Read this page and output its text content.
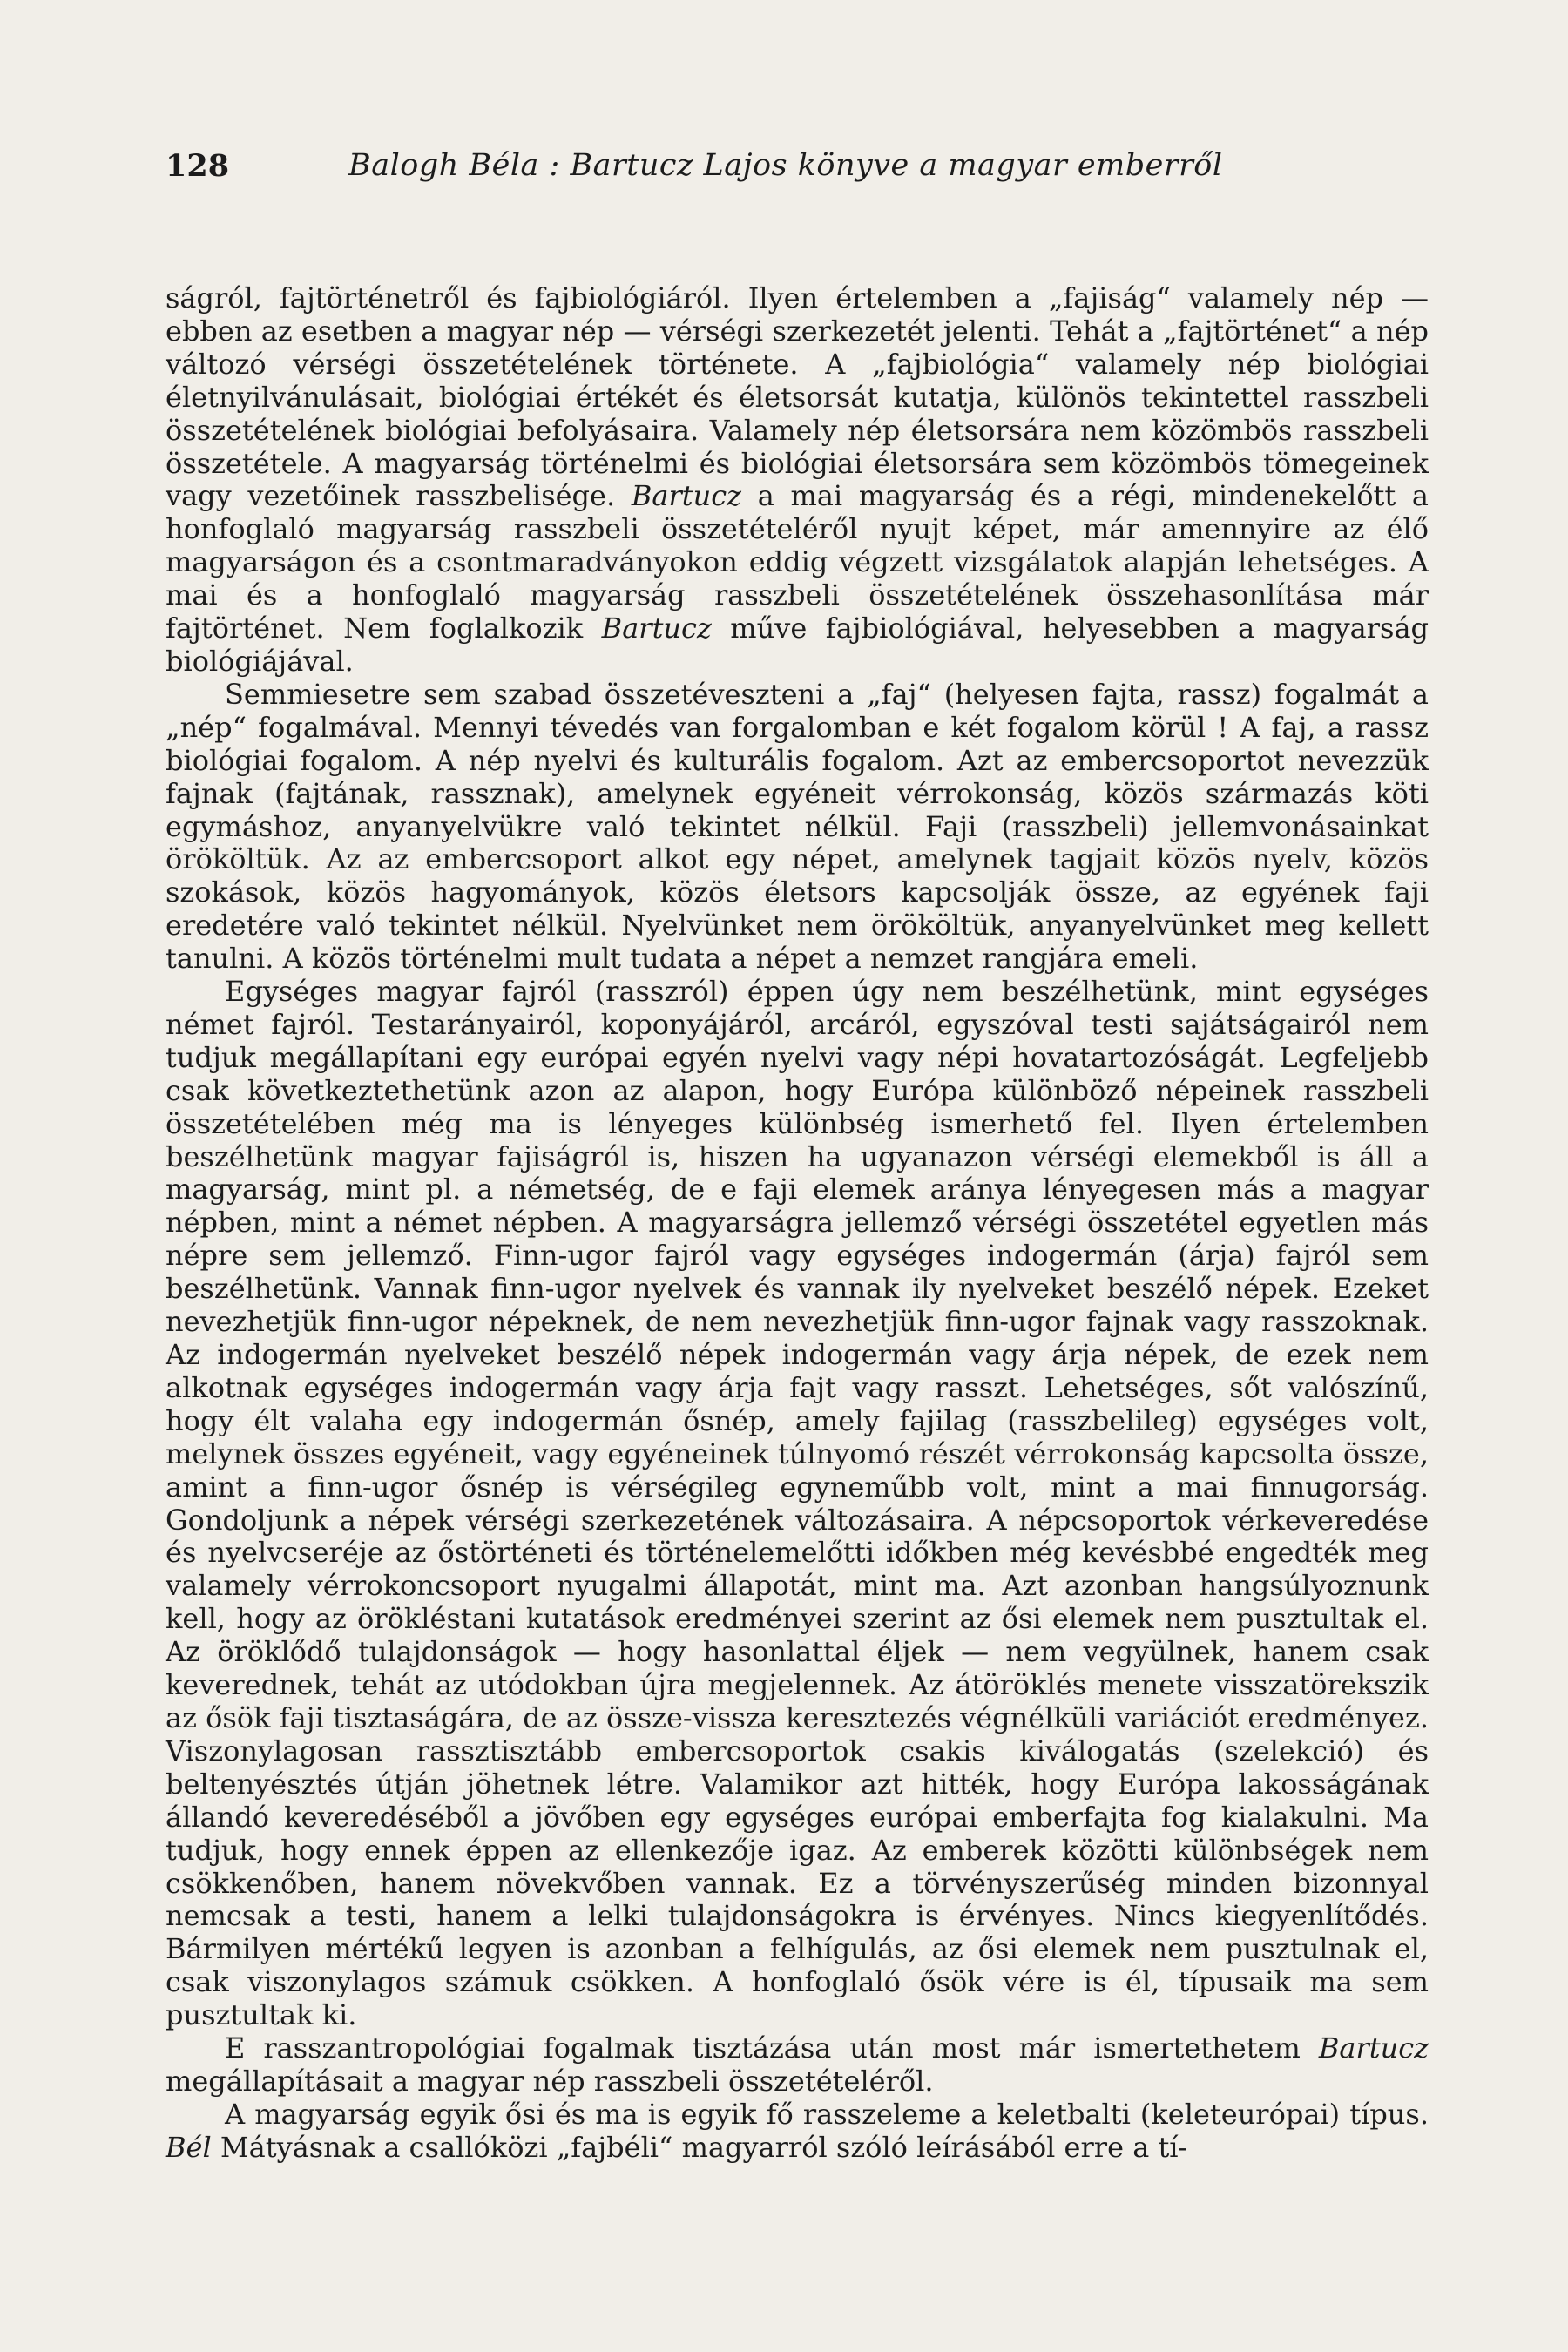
128	Balogh Béla : Bartucz Lajos könyve a magyar emberről

ságról, fajtörténetről és fajbiológiáról. Ilyen értelemben a „fajiság“ valamely nép — ebben az esetben a magyar nép — vérségi szerkezetét jelenti. Tehát a „fajtörténet“ a nép változó vérségi összetételének története. A „fajbiológia“ valamely nép biológiai életnyilvánulásait, biológiai értékét és életsorsát kutatja, különös tekintettel rasszbeli összetételének biológiai befolyásaira. Valamely nép életsorsára nem közömbös rasszbeli összetétele. A magyarság történelmi és biológiai életsorsára sem közömbös tömegeinek vagy vezetőinek rasszbelisége. Bartucz a mai magyarság és a régi, mindenekelőtt a honfoglaló magyarság rasszbeli összetételéről nyujt képet, már amennyire az élő magyarságon és a csontmaradványokon eddig végzett vizsgálatok alapján lehetséges. A mai és a honfoglaló magyarság rasszbeli összetételének összehasonlítása már fajtörténet. Nem foglalkozik Bartucz műve fajbiológiával, helyesebben a magyarság biológiájával.

Semmiesetre sem szabad összetéveszteni a „faj“ (helyesen fajta, rassz) fogalmát a „nép“ fogalmával. Mennyi tévedés van forgalomban e két fogalom körül ! A faj, a rassz biológiai fogalom. A nép nyelvi és kulturális fogalom. Azt az embercsoportot nevezzük fajnak (fajtának, rassznak), amelynek egyéneit vérrokonság, közös származás köti egymáshoz, anyanyelvükre való tekintet nélkül. Faji (rasszbeli) jellemvonásainkat örököltük. Az az embercsoport alkot egy népet, amelynek tagjait közös nyelv, közös szokások, közös hagyományok, közös életsors kapcsolják össze, az egyének faji eredetére való tekintet nélkül. Nyelvünket nem örököltük, anyanyelvünket meg kellett tanulni. A közös történelmi mult tudata a népet a nemzet rangjára emeli.

Egységes magyar fajról (rasszról) éppen úgy nem beszélhetünk, mint egységes német fajról. Testarányairól, koponyájáról, arcáról, egyszóval testi sajátságairól nem tudjuk megállapítani egy európai egyén nyelvi vagy népi hovatartozóságát. Legfeljebb csak következtethetünk azon az alapon, hogy Európa különböző népeinek rasszbeli összetételében még ma is lényeges különbség ismerhető fel. Ilyen értelemben beszélhetünk magyar fajiságról is, hiszen ha ugyanazon vérségi elemekből is áll a magyarság, mint pl. a németség, de e faji elemek aránya lényegesen más a magyar népben, mint a német népben. A magyarságra jellemző vérségi összetétel egyetlen más népre sem jellemző. Finn-ugor fajról vagy egységes indogermán (árja) fajról sem beszélhetünk. Vannak finn-ugor nyelvek és vannak ily nyelveket beszélő népek. Ezeket nevezhetjük finn-ugor népeknek, de nem nevezhetjük finn-ugor fajnak vagy rasszoknak. Az indogermán nyelveket beszélő népek indogermán vagy árja népek, de ezek nem alkotnak egységes indogermán vagy árja fajt vagy rasszt. Lehetséges, sőt valószínű, hogy élt valaha egy indogermán ősnép, amely fajilag (rasszbelileg) egységes volt, melynek összes egyéneit, vagy egyéneinek túlnyomó részét vérrokonság kapcsolta össze, amint a finn-ugor ősnép is vérségileg egyneműbb volt, mint a mai finnugorság. Gondoljunk a népek vérségi szerkezetének változásaira. A népcsoportok vérkeveredése és nyelvcseréje az őstörténeti és történelemelőtti időkben még kevésbbé engedték meg valamely vérrokoncsoport nyugalmi állapotát, mint ma. Azt azonban hangsúlyoznunk kell, hogy az örökléstani kutatások eredményei szerint az ősi elemek nem pusztultak el. Az öröklődő tulajdonságok — hogy hasonlattal éljek — nem vegyülnek, hanem csak keverednek, tehát az utódokban újra megjelennek. Az átöröklés menete visszatörekszik az ősök faji tisztaságára, de az össze-vissza keresztezés végnélküli variációt eredményez. Viszonylagosan rassztisztább embercsoportok csakis kiválogatás (szelekció) és beltenyésztés útján jöhetnek létre. Valamikor azt hitték, hogy Európa lakosságának állandó keveredéséből a jövőben egy egységes európai emberfajta fog kialakulni. Ma tudjuk, hogy ennek éppen az ellenkezője igaz. Az emberek közötti különbségek nem csökkenőben, hanem növekvőben vannak. Ez a törvényszerűség minden bizonnyal nemcsak a testi, hanem a lelki tulajdonságokra is érvényes. Nincs kiegyenlítődés. Bármilyen mértékű legyen is azonban a felhígulás, az ősi elemek nem pusztulnak el, csak viszonylagos számuk csökken. A honfoglaló ősök vére is él, típusaik ma sem pusztultak ki.

E rasszantropológiai fogalmak tisztázása után most már ismertethetem Bartucz megállapításait a magyar nép rasszbeli összetételéről.

A magyarság egyik ősi és ma is egyik fő rasszeleme a keletbalti (keleteurópai) típus. Bél Mátyásnak a csallóközi „fajbéli“ magyarról szóló leírásából erre a tí-
